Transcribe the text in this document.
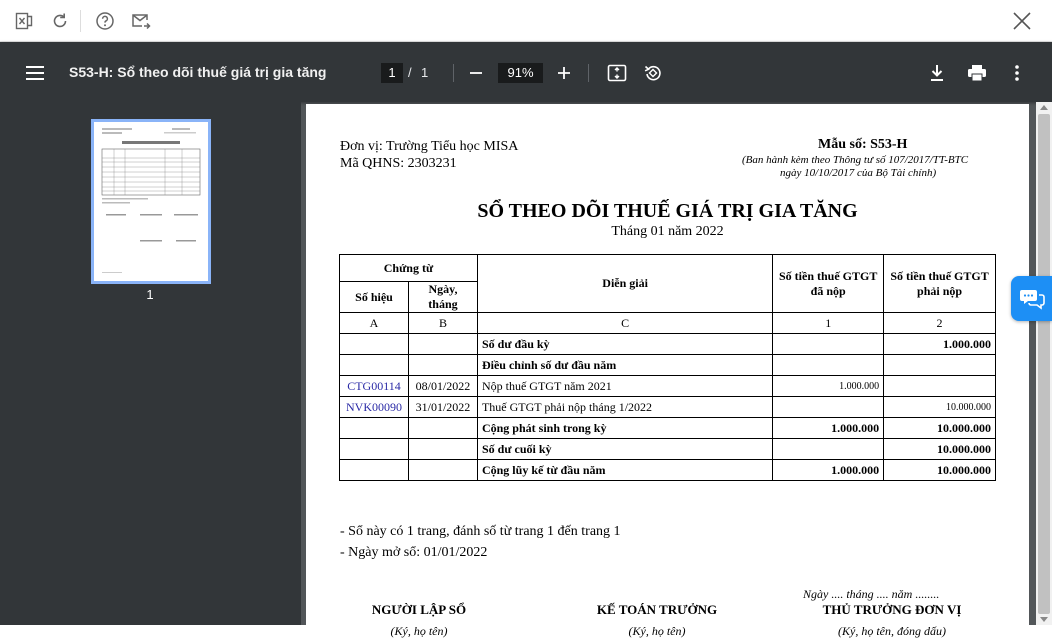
S53-H: Sổ theo dõi thuế giá trị gia tăng	1 / 1	91%
1
Đơn vị: Trường Tiểu học MISA
Mã QHNS: 2303231
Mẫu số: S53-H
(Ban hành kèm theo Thông tư số 107/2017/TT-BTC
ngày 10/10/2017 của Bộ Tài chính)
SỔ THEO DÕI THUẾ GIÁ TRỊ GIA TĂNG
Tháng 01 năm 2022
Chứng từ		Diễn giải	Số tiền thuế GTGT đã nộp	Số tiền thuế GTGT phải nộp
Số hiệu	Ngày, tháng			
A	B	C	1	2
		Số dư đầu kỳ		1.000.000
		Điều chỉnh số dư đầu năm		
CTG00114	08/01/2022	Nộp thuế GTGT năm 2021	1.000.000	
NVK00090	31/01/2022	Thuế GTGT phải nộp tháng 1/2022		10.000.000
		Cộng phát sinh trong kỳ	1.000.000	10.000.000
		Số dư cuối kỳ		10.000.000
		Cộng lũy kế từ đầu năm	1.000.000	10.000.000
- Sổ này có 1 trang, đánh số từ trang 1 đến trang 1
- Ngày mở sổ: 01/01/2022
Ngày .... tháng .... năm ........
NGƯỜI LẬP SỔ
(Ký, họ tên)
KẾ TOÁN TRƯỞNG
(Ký, họ tên)
THỦ TRƯỞNG ĐƠN VỊ
(Ký, họ tên, đóng dấu)
